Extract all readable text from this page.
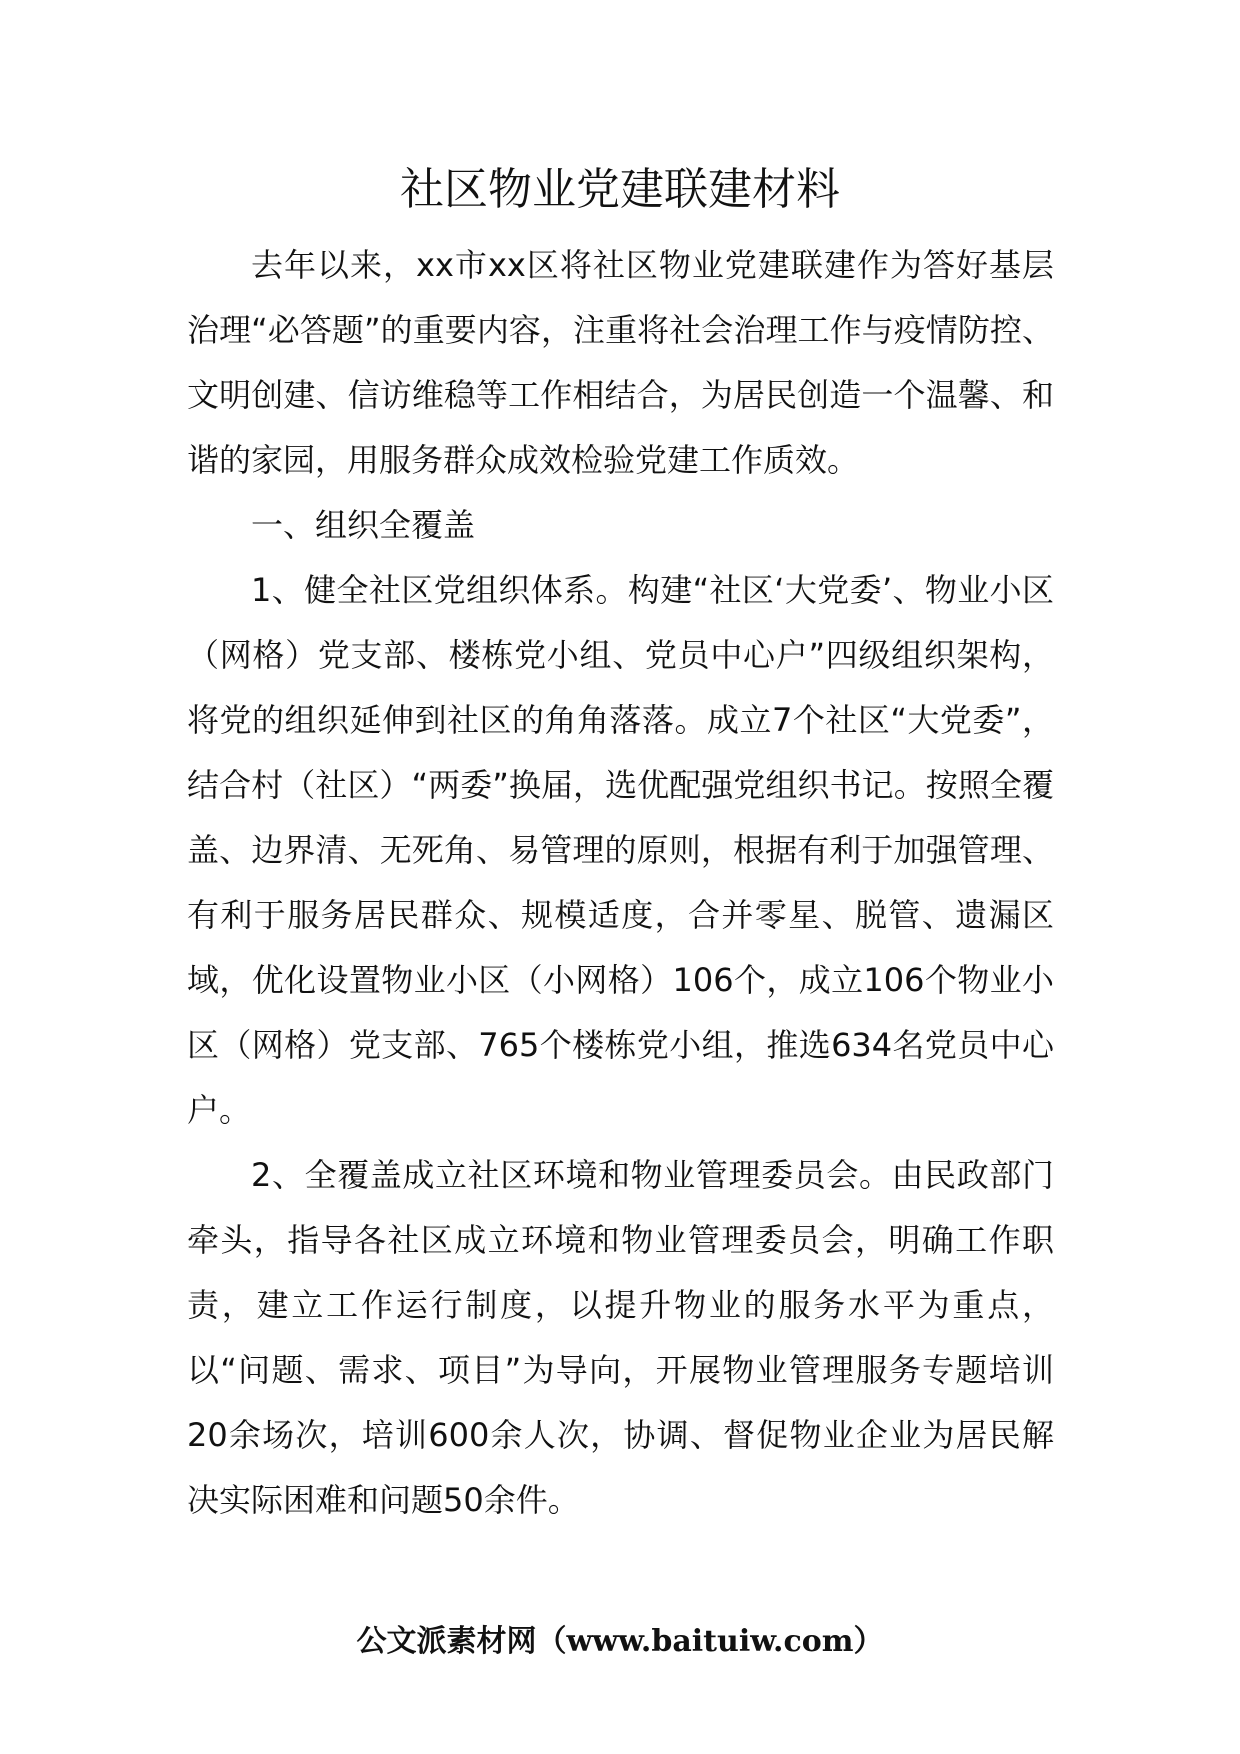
社区物业党建联建材料

去年以来，xx市xx区将社区物业党建联建作为答好基层治理“必答题”的重要内容，注重将社会治理工作与疫情防控、文明创建、信访维稳等工作相结合，为居民创造一个温馨、和谐的家园，用服务群众成效检验党建工作质效。

一、组织全覆盖

1、健全社区党组织体系。构建“社区‘大党委’、物业小区（网格）党支部、楼栋党小组、党员中心户”四级组织架构，将党的组织延伸到社区的角角落落。成立7个社区“大党委”，结合村（社区）“两委”换届，选优配强党组织书记。按照全覆盖、边界清、无死角、易管理的原则，根据有利于加强管理、有利于服务居民群众、规模适度，合并零星、脱管、遗漏区域，优化设置物业小区（小网格）106个，成立106个物业小区（网格）党支部、765个楼栋党小组，推选634名党员中心户。

2、全覆盖成立社区环境和物业管理委员会。由民政部门牵头，指导各社区成立环境和物业管理委员会，明确工作职责，建立工作运行制度，以提升物业的服务水平为重点，以“问题、需求、项目”为导向，开展物业管理服务专题培训20余场次，培训600余人次，协调、督促物业企业为居民解决实际困难和问题50余件。

公文派素材网（www.baituiw.com）
